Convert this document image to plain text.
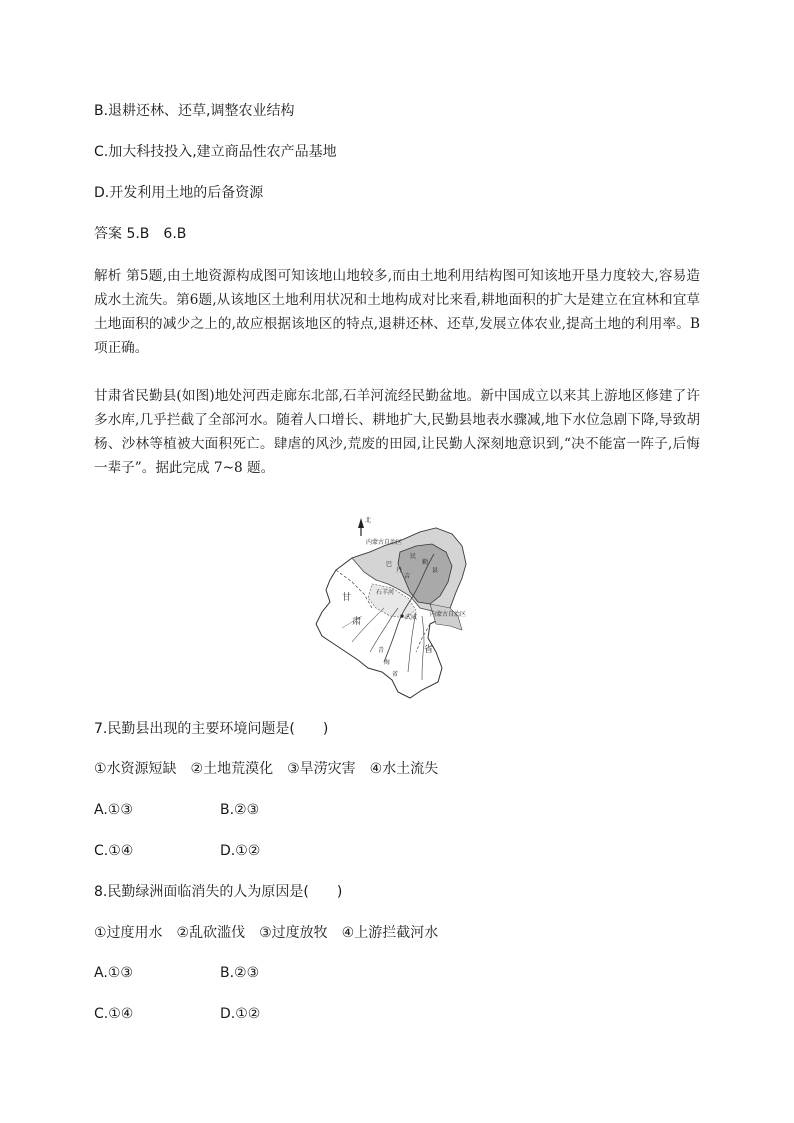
B.退耕还林、还草,调整农业结构
C.加大科技投入,建立商品性农产品基地
D.开发利用土地的后备资源
答案 5.B　6.B
解析 第5题,由土地资源构成图可知该地山地较多,而由土地利用结构图可知该地开垦力度较大,容易造成水土流失。第6题,从该地区土地利用状况和土地构成对比来看,耕地面积的扩大是建立在宜林和宜草土地面积的减少之上的,故应根据该地区的特点,退耕还林、还草,发展立体农业,提高土地的利用率。B 项正确。
甘肃省民勤县(如图)地处河西走廊东北部,石羊河流经民勤盆地。新中国成立以来其上游地区修建了许多水库,几乎拦截了全部河水。随着人口增长、耕地扩大,民勤县地表水骤减,地下水位急剧下降,导致胡杨、沙林等植被大面积死亡。肆虐的风沙,荒废的田园,让民勤人深刻地意识到,“决不能富一阵子,后悔一辈子”。据此完成 7~8 题。
北
内蒙古自治区
内蒙古自治区
民
勤
县
巴
丹
吉
甘
肃
省
青
海
省
武威
石羊河
7.民勤县出现的主要环境问题是(　　)
①水资源短缺　②土地荒漠化　③旱涝灾害　④水土流失
A.①③	B.②③
C.①④	D.①②
8.民勤绿洲面临消失的人为原因是(　　)
①过度用水　②乱砍滥伐　③过度放牧　④上游拦截河水
A.①③	B.②③
C.①④	D.①②
